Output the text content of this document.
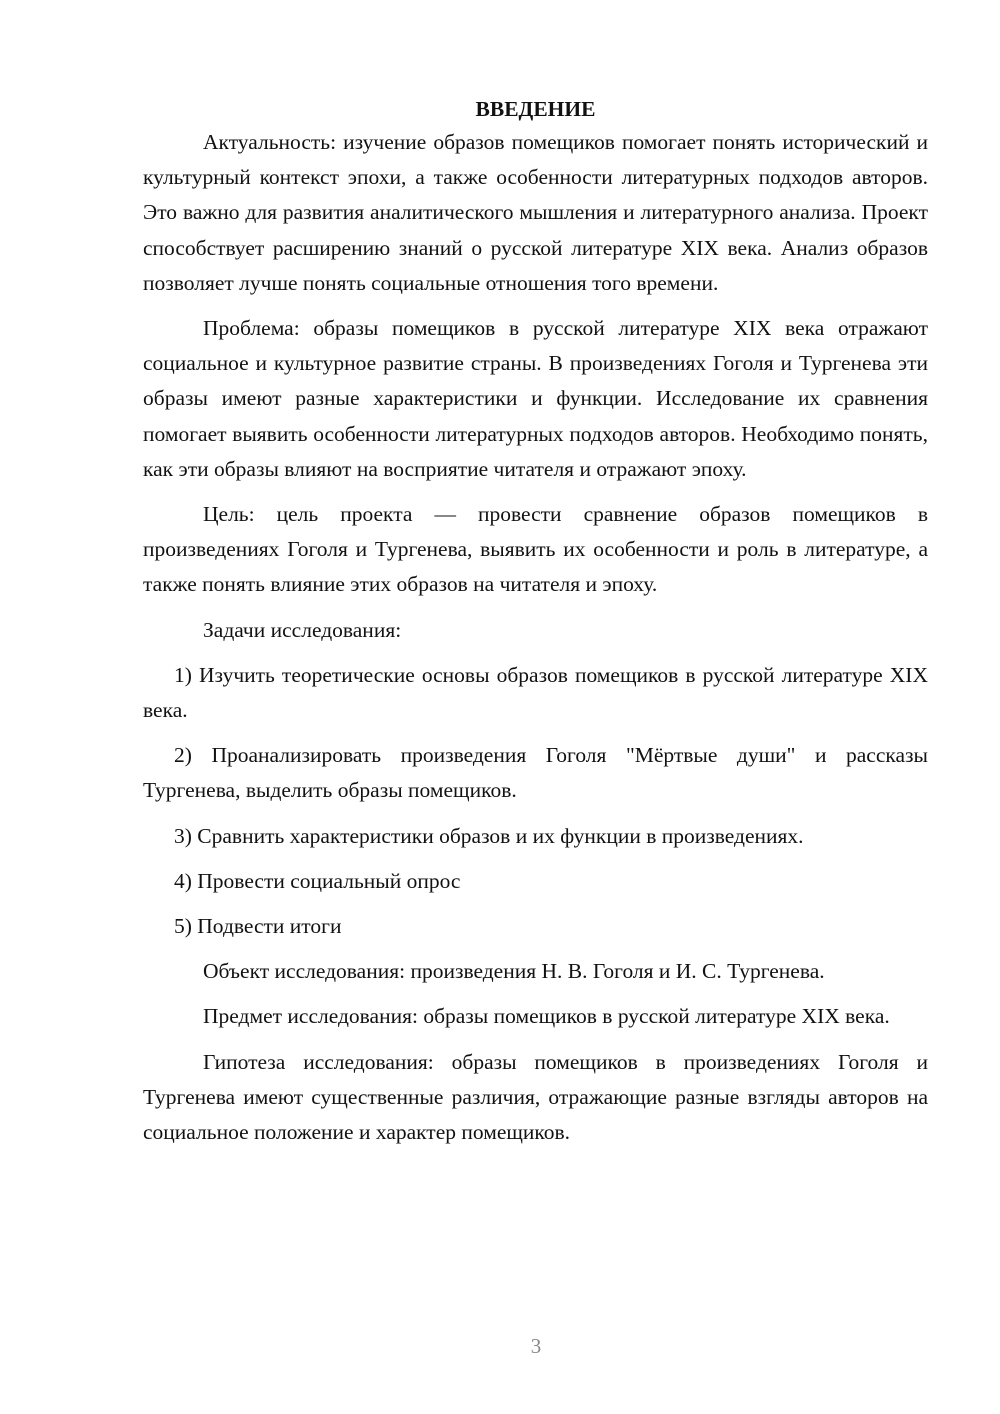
ВВЕДЕНИЕ

Актуальность: изучение образов помещиков помогает понять исторический и культурный контекст эпохи, а также особенности литературных подходов авторов. Это важно для развития аналитического мышления и литературного анализа. Проект способствует расширению знаний о русской литературе XIX века. Анализ образов позволяет лучше понять социальные отношения того времени.

Проблема: образы помещиков в русской литературе XIX века отражают социальное и культурное развитие страны. В произведениях Гоголя и Тургенева эти образы имеют разные характеристики и функции. Исследование их сравнения помогает выявить особенности литературных подходов авторов. Необходимо понять, как эти образы влияют на восприятие читателя и отражают эпоху.

Цель: цель проекта — провести сравнение образов помещиков в произведениях Гоголя и Тургенева, выявить их особенности и роль в литературе, а также понять влияние этих образов на читателя и эпоху.

Задачи исследования:

1) Изучить теоретические основы образов помещиков в русской литературе XIX века.

2) Проанализировать произведения Гоголя "Мёртвые души" и рассказы Тургенева, выделить образы помещиков.

3) Сравнить характеристики образов и их функции в произведениях.

4) Провести социальный опрос

5) Подвести итоги

Объект исследования: произведения Н. В. Гоголя и И. С. Тургенева.

Предмет исследования: образы помещиков в русской литературе XIX века.

Гипотеза исследования: образы помещиков в произведениях Гоголя и Тургенева имеют существенные различия, отражающие разные взгляды авторов на социальное положение и характер помещиков.

3
